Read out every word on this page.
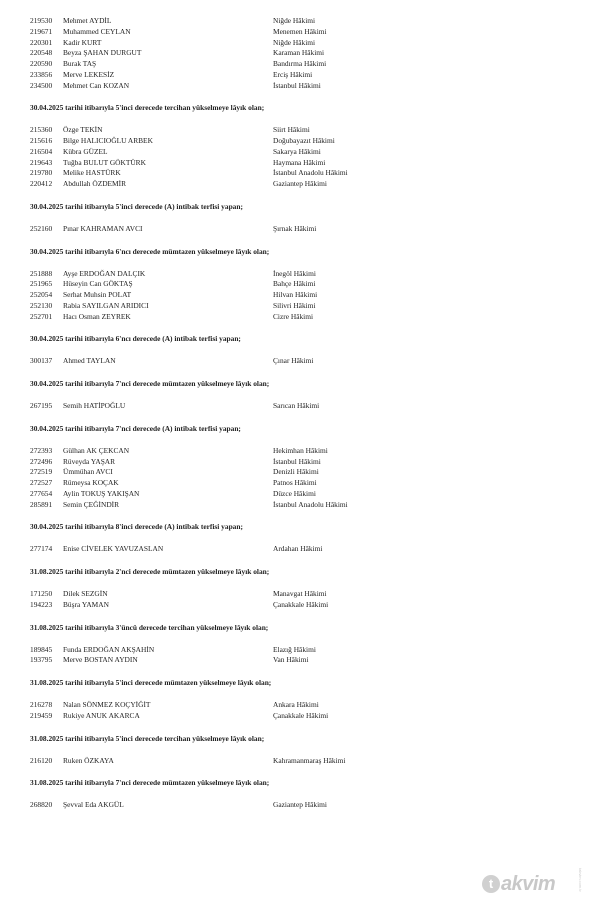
219530 Mehmet AYDİL	Niğde Hâkimi
219671 Muhammed CEYLAN	Menemen Hâkimi
220301 Kadir KURT	Niğde Hâkimi
220548 Beyza ŞAHAN DURGUT	Karaman Hâkimi
220590 Burak TAŞ	Bandırma Hâkimi
233856 Merve LEKESİZ	Erciş Hâkimi
234500 Mehmet Can KOZAN	İstanbul Hâkimi
30.04.2025 tarihi itibarıyla 5'inci derecede tercihan yükselmeye lâyık olan;
215360 Özge TEKİN	Siirt Hâkimi
215616 Bilge HALICIOĞLU ARBEK	Doğubayazıt Hâkimi
216504 Kübra GÜZEL	Sakarya Hâkimi
219643 Tuğba BULUT GÖKTÜRK	Haymana Hâkimi
219780 Melike HASTÜRK	İstanbul Anadolu Hâkimi
220412 Abdullah ÖZDEMİR	Gaziantep Hâkimi
30.04.2025 tarihi itibarıyla 5'inci derecede (A) intibak terfisi yapan;
252160 Pınar KAHRAMAN AVCI	Şırnak Hâkimi
30.04.2025 tarihi itibarıyla 6'ncı derecede mümtazen yükselmeye lâyık olan;
251888 Ayşe ERDOĞAN DALÇIK	İnegöl Hâkimi
251965 Hüseyin Can GÖKTAŞ	Bahçe Hâkimi
252054 Serhat Muhsin POLAT	Hilvan Hâkimi
252130 Rabia SAYILGAN ARIDICI	Silivri Hâkimi
252701 Hacı Osman ZEYREK	Cizre Hâkimi
30.04.2025 tarihi itibarıyla 6'ncı derecede (A) intibak terfisi yapan;
300137 Ahmed TAYLAN	Çınar Hâkimi
30.04.2025 tarihi itibarıyla 7'nci derecede mümtazen yükselmeye lâyık olan;
267195 Semih HATİPOĞLU	Sarıcan Hâkimi
30.04.2025 tarihi itibarıyla 7'nci derecede (A) intibak terfisi yapan;
272393 Gülhan AK ÇEKCAN	Hekimhan Hâkimi
272496 Rüveyda YAŞAR	İstanbul Hâkimi
272519 Ümmühan AVCI	Denizli Hâkimi
272527 Rümeysa KOÇAK	Patnos Hâkimi
277654 Aylin TOKUŞ YAKIŞAN	Düzce Hâkimi
285891 Semin ÇEĞİNDİR	İstanbul Anadolu Hâkimi
30.04.2025 tarihi itibarıyla 8'inci derecede (A) intibak terfisi yapan;
277174 Enise CİVELEK YAVUZASLAN	Ardahan Hâkimi
31.08.2025 tarihi itibarıyla 2'nci derecede mümtazen yükselmeye lâyık olan;
171250 Dilek SEZGİN	Manavgat Hâkimi
194223 Büşra YAMAN	Çanakkale Hâkimi
31.08.2025 tarihi itibarıyla 3'üncü derecede tercihan yükselmeye lâyık olan;
189845 Funda ERDOĞAN AKŞAHİN	Elazığ Hâkimi
193795 Merve BOSTAN AYDIN	Van Hâkimi
31.08.2025 tarihi itibarıyla 5'inci derecede mümtazen yükselmeye lâyık olan;
216278 Nalan SÖNMEZ KOÇYİĞİT	Ankara Hâkimi
219459 Rukiye ANUK AKARCA	Çanakkale Hâkimi
31.08.2025 tarihi itibarıyla 5'inci derecede tercihan yükselmeye lâyık olan;
216120 Ruken ÖZKAYA	Kahramanmaraş Hâkimi
31.08.2025 tarihi itibarıyla 7'nci derecede mümtazen yükselmeye lâyık olan;
268820 Şevval Eda AKGÜL	Gaziantep Hâkimi
t akvim	takvim.com.tr
